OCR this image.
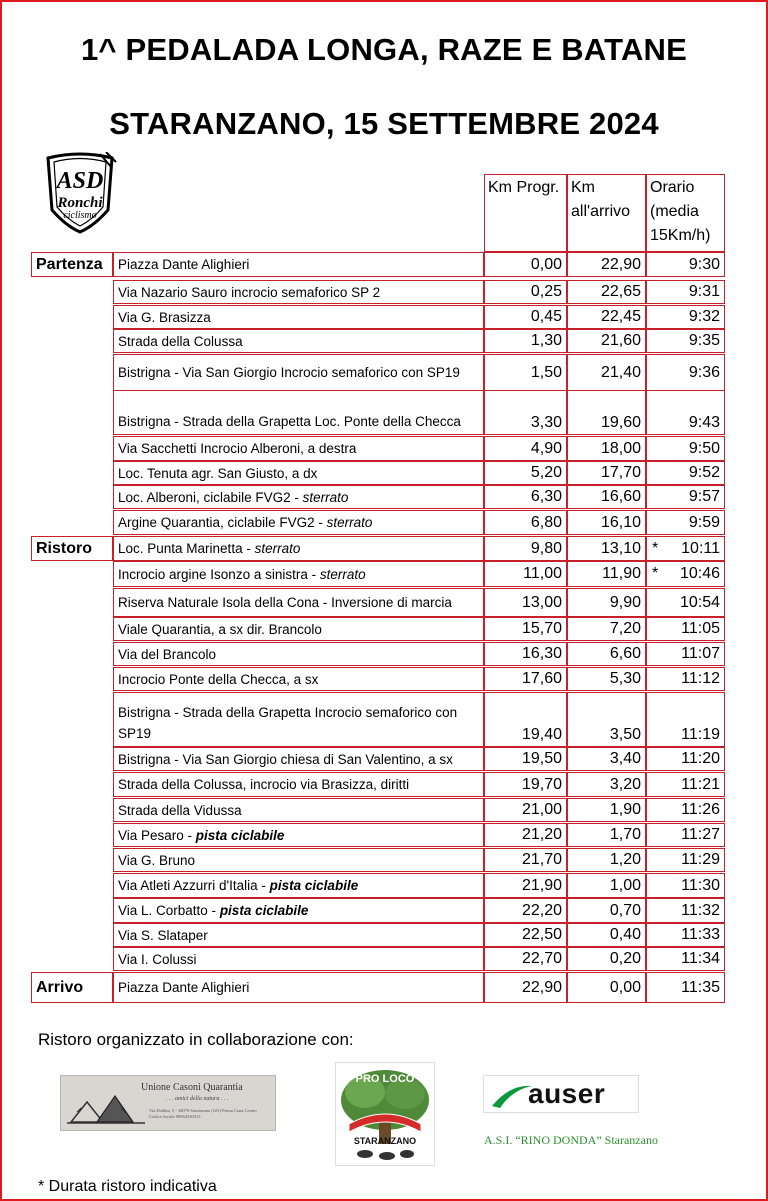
1^ PEDALADA LONGA, RAZE E BATANE
STARANZANO, 15 SETTEMBRE 2024
ASD
Ronchi
ciclismo
Km Progr. Km all'arrivo
Orario (media 15Km/h)
Partenza	Piazza Dante Alighieri	0,00	22,90	9:30
Via Nazario Sauro incrocio semaforico SP 2	0,25	22,65	9:31
Via G. Brasizza	0,45	22,45	9:32
Strada della Colussa	1,30	21,60	9:35
Bistrigna - Via San Giorgio Incrocio semaforico con SP19	1,50	21,40	9:36
Bistrigna - Strada della Grapetta Loc. Ponte della Checca	3,30	19,60	9:43
Via Sacchetti Incrocio Alberoni, a destra	4,90	18,00	9:50
Loc. Tenuta agr. San Giusto, a dx	5,20	17,70	9:52
Loc. Alberoni, ciclabile FVG2 - sterrato	6,30	16,60	9:57
Argine Quarantia, ciclabile FVG2 - sterrato	6,80	16,10	9:59
Ristoro	Loc. Punta Marinetta - sterrato	9,80	13,10 * 10:11
Incrocio argine Isonzo a sinistra - sterrato	11,00	11,90 * 10:46
Riserva Naturale Isola della Cona - Inversione di marcia	13,00	9,90	10:54
Viale Quarantia, a sx dir. Brancolo	15,70	7,20	11:05
Via del Brancolo	16,30	6,60	11:07
Incrocio Ponte della Checca, a sx	17,60	5,30	11:12
Bistrigna - Strada della Grapetta Incrocio semaforico con SP19	19,40	3,50	11:19
Bistrigna - Via San Giorgio chiesa di San Valentino, a sx	19,50	3,40	11:20
Strada della Colussa, incrocio via Brasizza, diritti	19,70	3,20	11:21
Strada della Vidussa	21,00	1,90	11:26
Via Pesaro - pista ciclabile	21,20	1,70	11:27
Via G. Bruno	21,70	1,20	11:29
Via Atleti Azzurri d'Italia - pista ciclabile	21,90	1,00	11:30
Via L. Corbatto - pista ciclabile	22,20	0,70	11:32
Via S. Slataper	22,50	0,40	11:33
Via I. Colussi	22,70	0,20	11:34
Arrivo	Piazza Dante Alighieri	22,90	0,00	11:35
Ristoro organizzato in collaborazione con:
Unione Casoni Quarantia
. . . amici della natura . . .
Via Dobbia, 5 - 34079 Staranzano (GO) Prima Cona Centro Codice fiscale 90064330313
PRO LOCO
STARANZANO
auser
A.S.I. “RINO DONDA” Staranzano
* Durata ristoro indicativa
